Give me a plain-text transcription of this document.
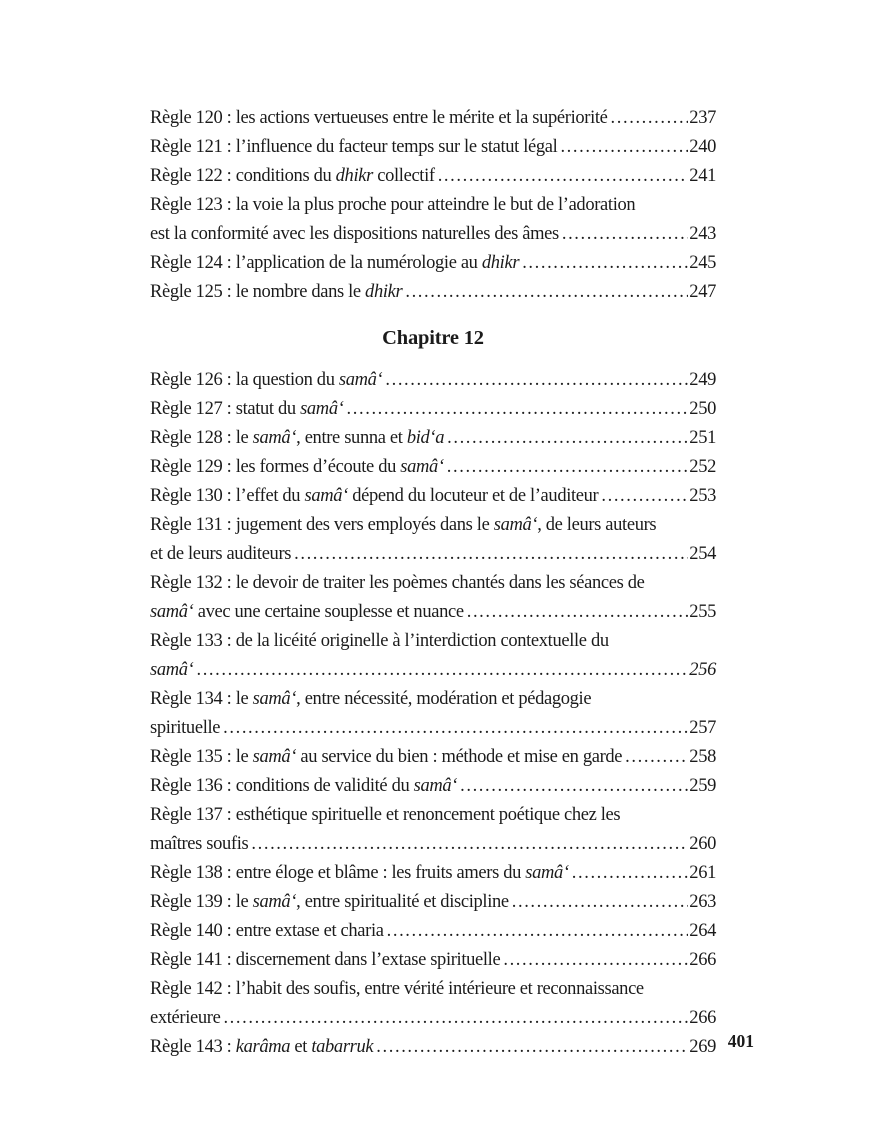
Règle 120 : les actions vertueuses entre le mérite et la supériorité .....	237
Règle 121 : l’influence du facteur temps sur le statut légal .....	240
Règle 122 : conditions du dhikr collectif .....	241
Règle 123 : la voie la plus proche pour atteindre le but de l’adoration
est la conformité avec les dispositions naturelles des âmes .....	243
Règle 124 : l’application de la numérologie au dhikr .....	245
Règle 125 : le nombre dans le dhikr .....	247
Chapitre 12
Règle 126 : la question du samâ‘ .....	249
Règle 127 : statut du samâ‘ .....	250
Règle 128 : le samâ‘, entre sunna et bid‘a .....	251
Règle 129 : les formes d’écoute du samâ‘ .....	252
Règle 130 : l’effet du samâ‘ dépend du locuteur et de l’auditeur .....	253
Règle 131 : jugement des vers employés dans le samâ‘, de leurs auteurs
et de leurs auditeurs .....	254
Règle 132 : le devoir de traiter les poèmes chantés dans les séances de
samâ‘ avec une certaine souplesse et nuance .....	255
Règle 133 : de la licéité originelle à l’interdiction contextuelle du
samâ‘ .....	256
Règle 134 : le samâ‘, entre nécessité, modération et pédagogie
spirituelle .....	257
Règle 135 : le samâ‘ au service du bien : méthode et mise en garde .....	258
Règle 136 : conditions de validité du samâ‘ .....	259
Règle 137 : esthétique spirituelle et renoncement poétique chez les
maîtres soufis .....	260
Règle 138 : entre éloge et blâme : les fruits amers du samâ‘ .....	261
Règle 139 : le samâ‘, entre spiritualité et discipline .....	263
Règle 140 : entre extase et charia .....	264
Règle 141 : discernement dans l’extase spirituelle .....	266
Règle 142 : l’habit des soufis, entre vérité intérieure et reconnaissance
extérieure .....	266
Règle 143 : karâma et tabarruk .....	269 401
